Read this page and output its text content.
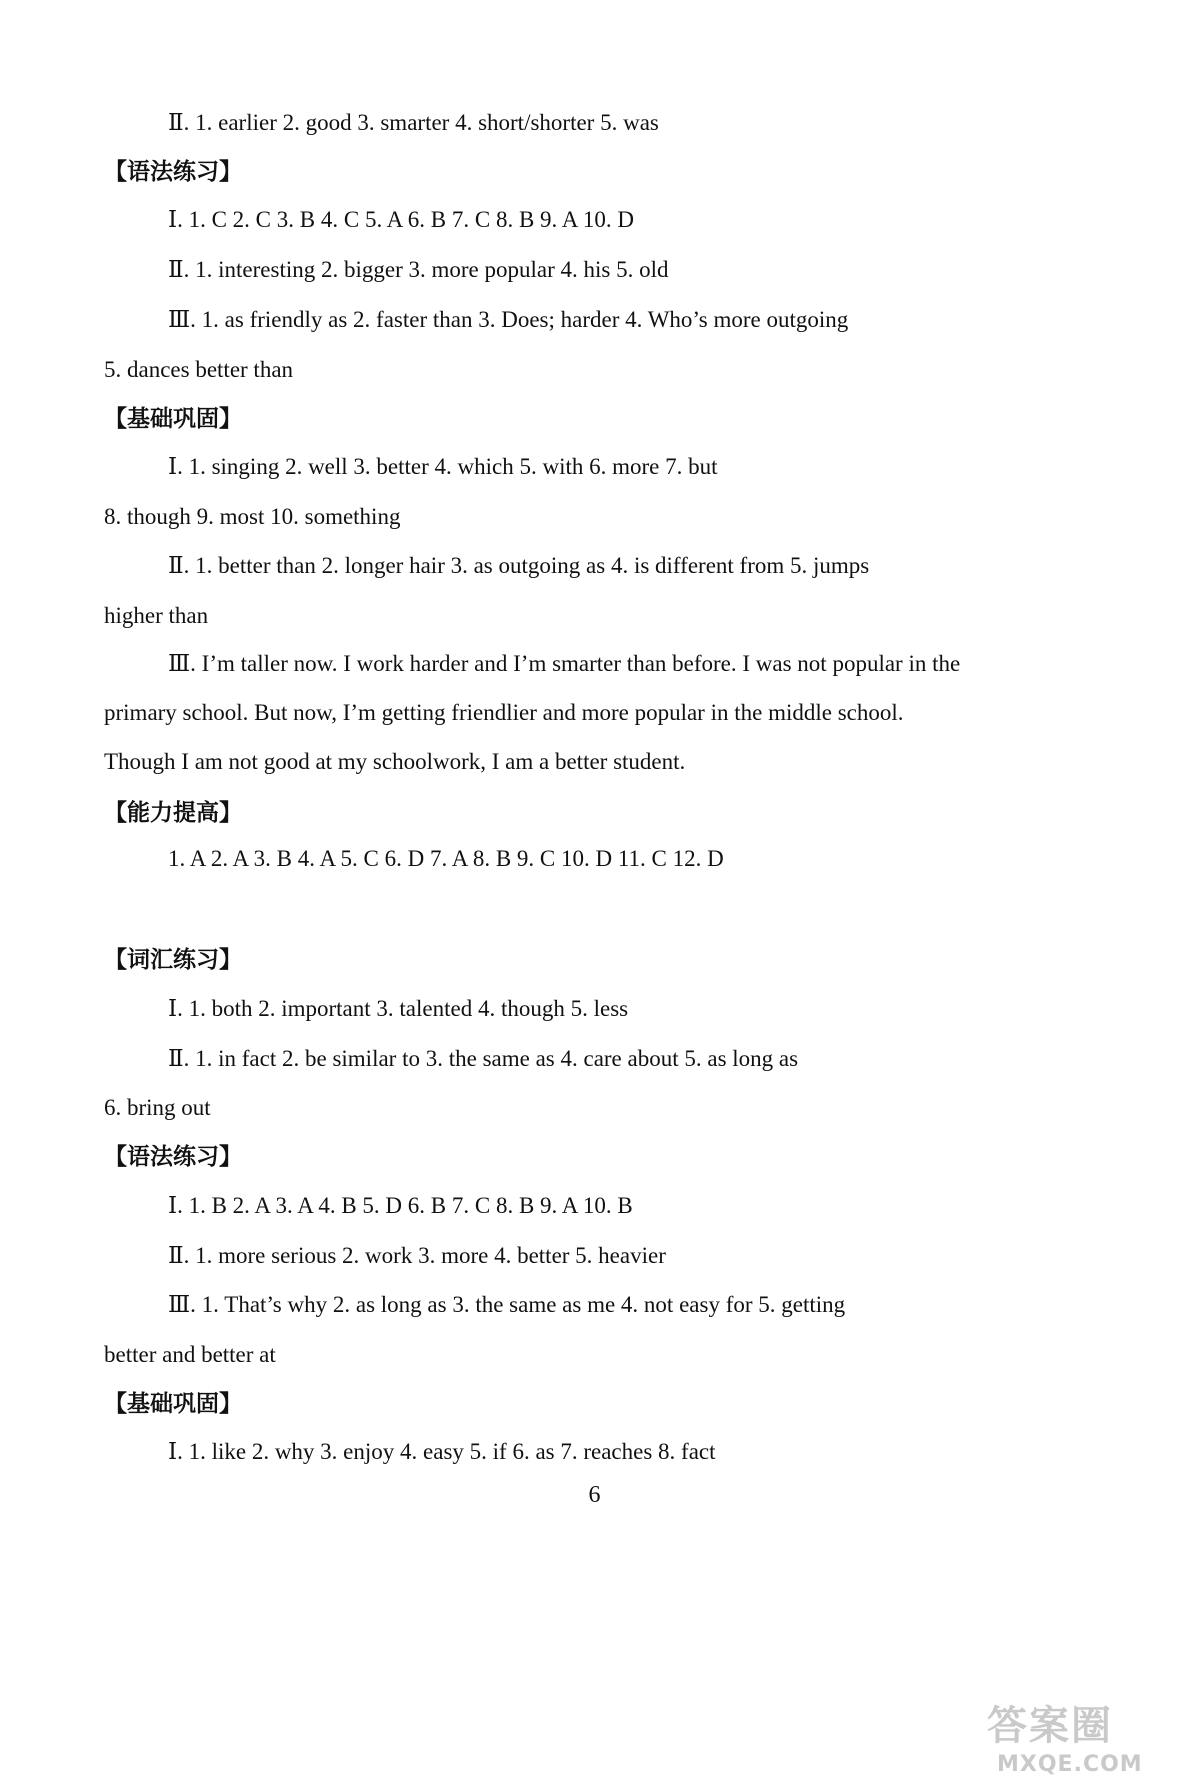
Ⅱ. 1. earlier 2. good 3. smarter 4. short/shorter 5. was
【语法练习】
Ⅰ. 1. C 2. C 3. B 4. C 5. A 6. B 7. C 8. B 9. A 10. D
Ⅱ. 1. interesting 2. bigger 3. more popular 4. his 5. old
Ⅲ. 1. as friendly as 2. faster than 3. Does; harder 4. Who’s more outgoing
5. dances better than
【基础巩固】
Ⅰ. 1. singing 2. well 3. better 4. which 5. with 6. more 7. but
8. though 9. most 10. something
Ⅱ. 1. better than 2. longer hair 3. as outgoing as 4. is different from 5. jumps
higher than
Ⅲ. I’m taller now. I work harder and I’m smarter than before. I was not popular in the
primary school. But now, I’m getting friendlier and more popular in the middle school.
Though I am not good at my schoolwork, I am a better student.
【能力提高】
1. A 2. A 3. B 4. A 5. C 6. D 7. A 8. B 9. C 10. D 11. C 12. D
【词汇练习】
Ⅰ. 1. both 2. important 3. talented 4. though 5. less
Ⅱ. 1. in fact 2. be similar to 3. the same as 4. care about 5. as long as
6. bring out
【语法练习】
Ⅰ. 1. B 2. A 3. A 4. B 5. D 6. B 7. C 8. B 9. A 10. B
Ⅱ. 1. more serious 2. work 3. more 4. better 5. heavier
Ⅲ. 1. That’s why 2. as long as 3. the same as me 4. not easy for 5. getting
better and better at
【基础巩固】
Ⅰ. 1. like 2. why 3. enjoy 4. easy 5. if 6. as 7. reaches 8. fact
6
答案圈
MXQE.COM
